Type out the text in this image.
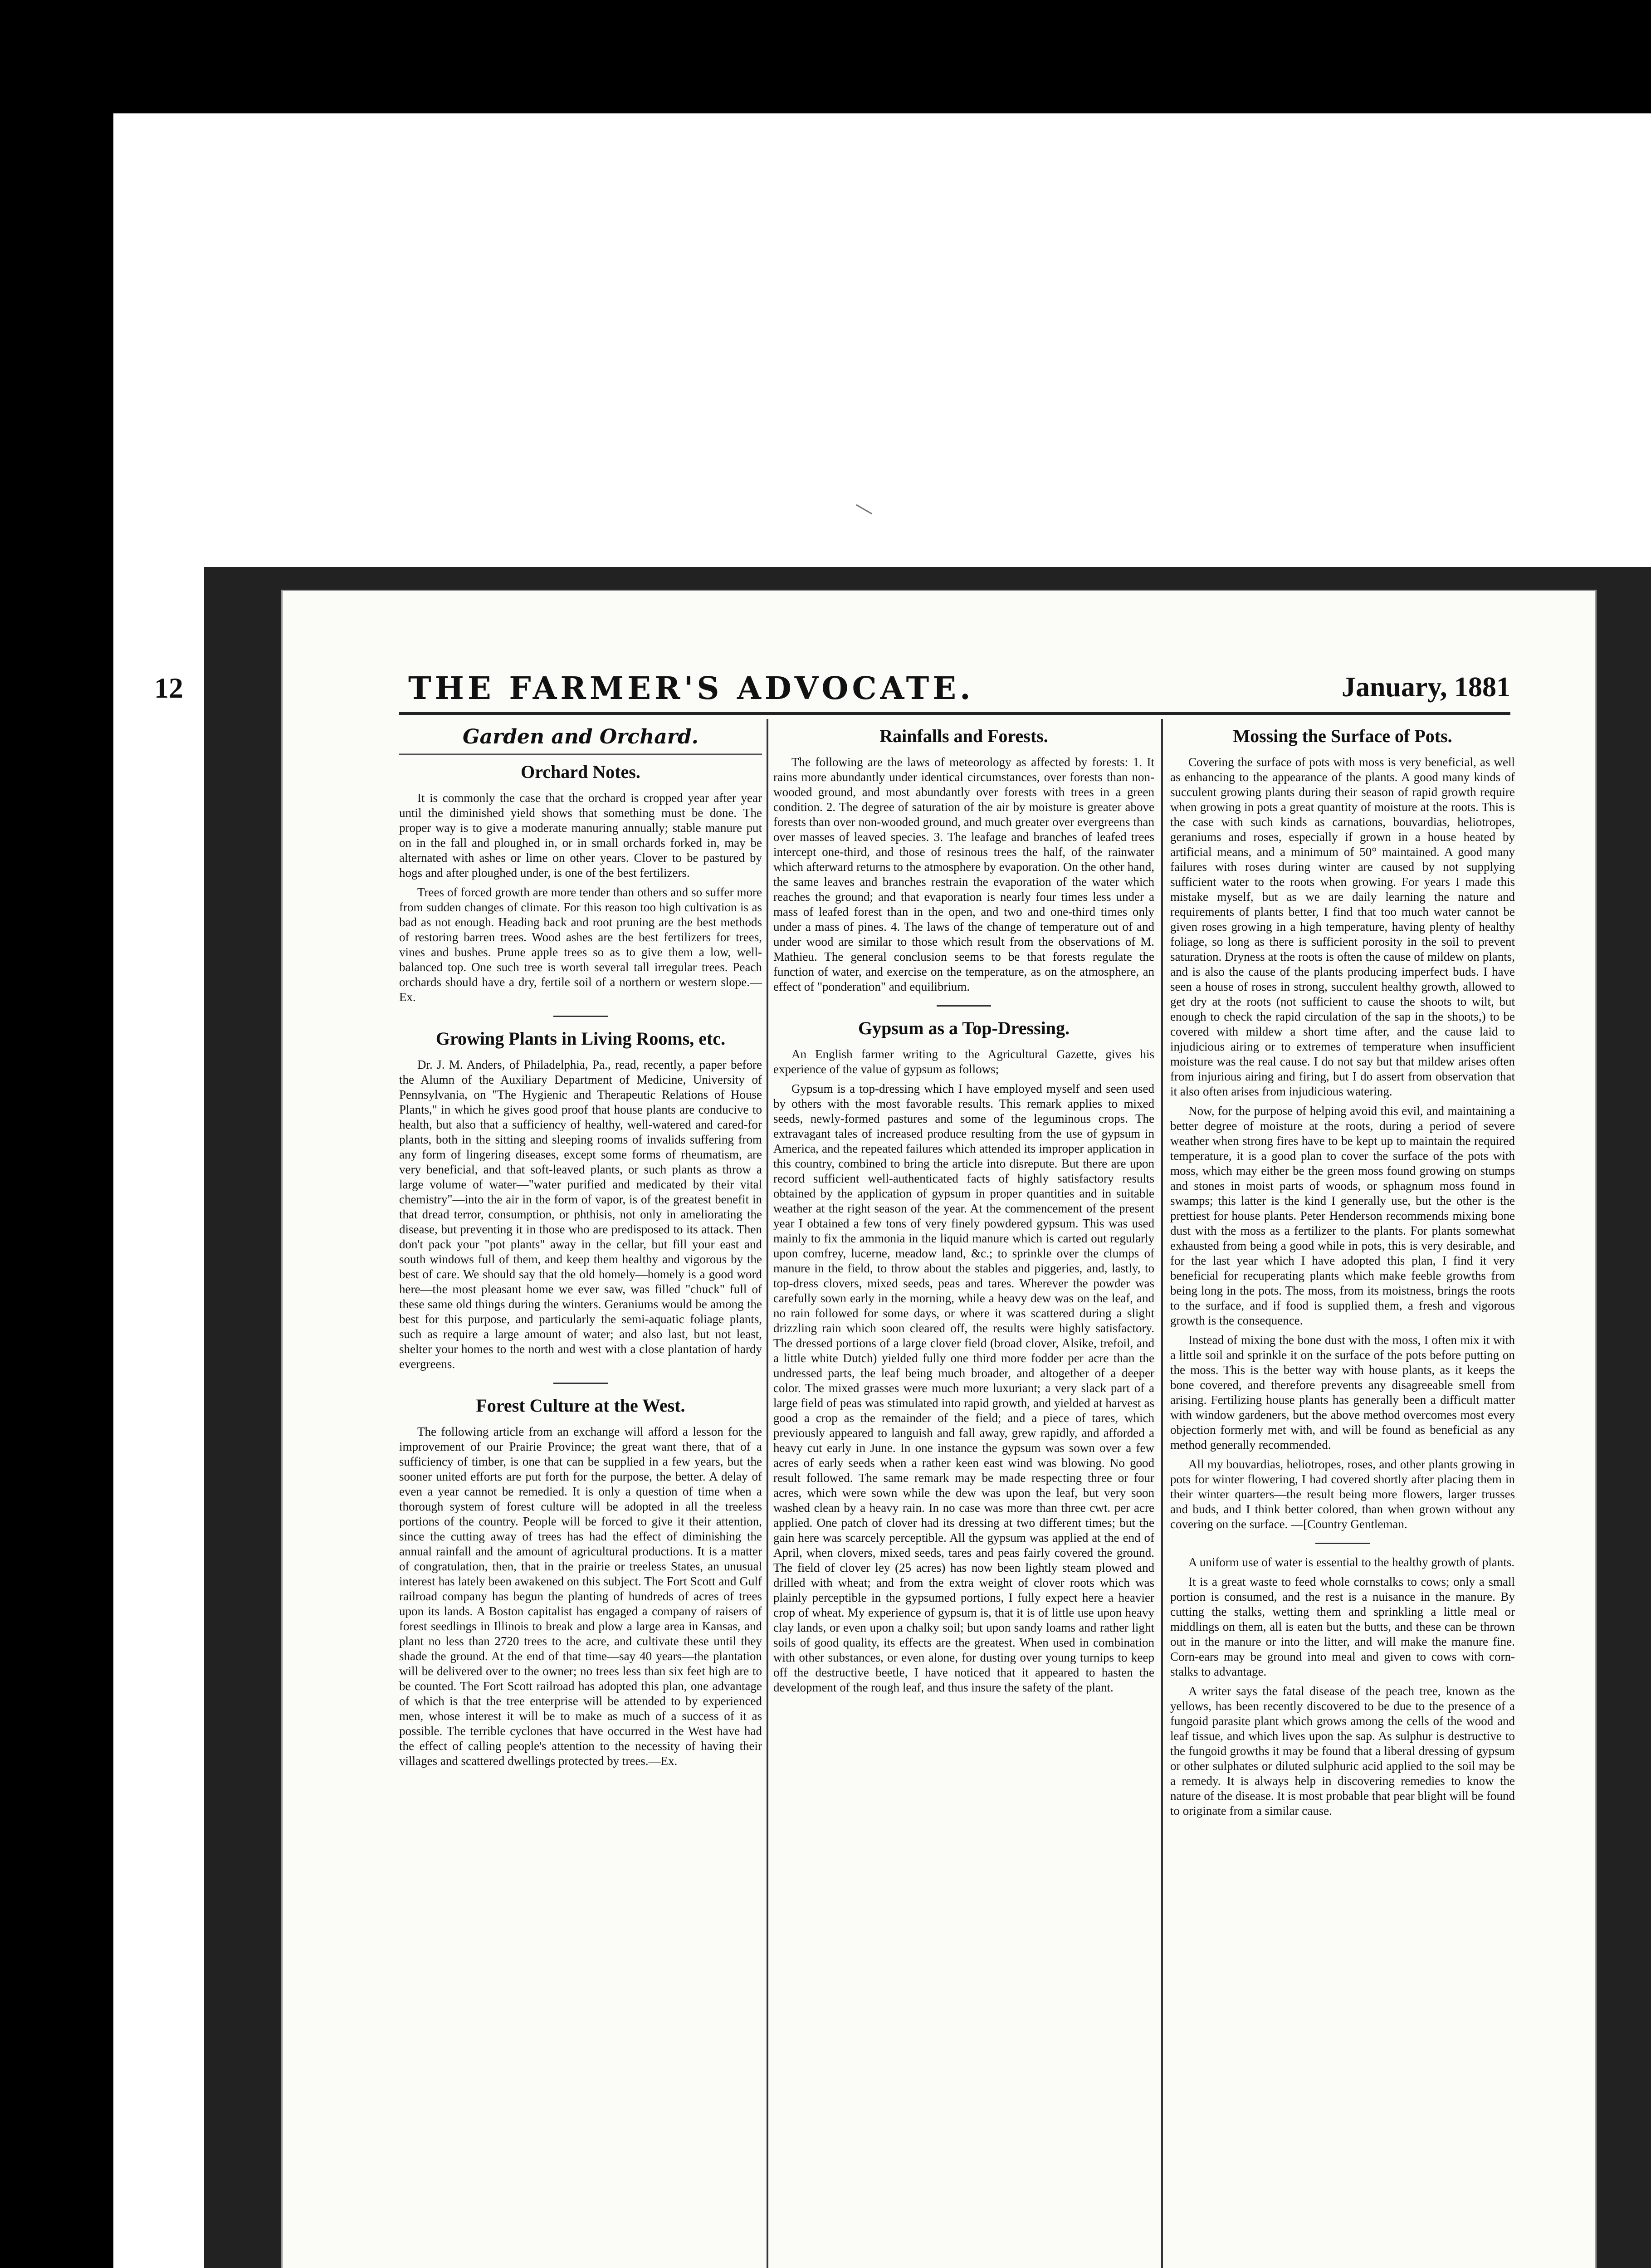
12	THE FARMER'S ADVOCATE.	January, 1881
Garden and Orchard.
Orchard Notes.

It is commonly the case that the orchard is cropped year after year until the diminished yield shows that something must be done. The proper way is to give a moderate manuring annually; stable manure put on in the fall and ploughed in, or in small orchards forked in, may be alternated with ashes or lime on other years. Clover to be pastured by hogs and after ploughed under, is one of the best fertilizers.

Trees of forced growth are more tender than others and so suffer more from sudden changes of climate. For this reason too high cultivation is as bad as not enough. Heading back and root pruning are the best methods of restoring barren trees. Wood ashes are the best fertilizers for trees, vines and bushes. Prune apple trees so as to give them a low, well-balanced top. One such tree is worth several tall irregular trees. Peach orchards should have a dry, fertile soil of a northern or western slope.—Ex.

Growing Plants in Living Rooms, etc.

Dr. J. M. Anders, of Philadelphia, Pa., read, recently, a paper before the Alumn of the Auxiliary Department of Medicine, University of Pennsylvania, on "The Hygienic and Therapeutic Relations of House Plants," in which he gives good proof that house plants are conducive to health, but also that a sufficiency of healthy, well-watered and cared-for plants, both in the sitting and sleeping rooms of invalids suffering from any form of lingering diseases, except some forms of rheumatism, are very beneficial, and that soft-leaved plants, or such plants as throw a large volume of water—"water purified and medicated by their vital chemistry"—into the air in the form of vapor, is of the greatest benefit in that dread terror, consumption, or phthisis, not only in ameliorating the disease, but preventing it in those who are predisposed to its attack. Then don't pack your "pot plants" away in the cellar, but fill your east and south windows full of them, and keep them healthy and vigorous by the best of care. We should say that the old homely—homely is a good word here—the most pleasant home we ever saw, was filled "chuck" full of these same old things during the winters. Geraniums would be among the best for this purpose, and particularly the semi-aquatic foliage plants, such as require a large amount of water; and also last, but not least, shelter your homes to the north and west with a close plantation of hardy evergreens.

Forest Culture at the West.

The following article from an exchange will afford a lesson for the improvement of our Prairie Province; the great want there, that of a sufficiency of timber, is one that can be supplied in a few years, but the sooner united efforts are put forth for the purpose, the better. A delay of even a year cannot be remedied. It is only a question of time when a thorough system of forest culture will be adopted in all the treeless portions of the country. People will be forced to give it their attention, since the cutting away of trees has had the effect of diminishing the annual rainfall and the amount of agricultural productions. It is a matter of congratulation, then, that in the prairie or treeless States, an unusual interest has lately been awakened on this subject. The Fort Scott and Gulf railroad company has begun the planting of hundreds of acres of trees upon its lands. A Boston capitalist has engaged a company of raisers of forest seedlings in Illinois to break and plow a large area in Kansas, and plant no less than 2720 trees to the acre, and cultivate these until they shade the ground. At the end of that time—say 40 years—the plantation will be delivered over to the owner; no trees less than six feet high are to be counted. The Fort Scott railroad has adopted this plan, one advantage of which is that the tree enterprise will be attended to by experienced men, whose interest it will be to make as much of a success of it as possible. The terrible cyclones that have occurred in the West have had the effect of calling people's attention to the necessity of having their villages and scattered dwellings protected by trees.—Ex.

Rainfalls and Forests.

The following are the laws of meteorology as affected by forests: 1. It rains more abundantly under identical circumstances, over forests than non-wooded ground, and most abundantly over forests with trees in a green condition. 2. The degree of saturation of the air by moisture is greater above forests than over non-wooded ground, and much greater over evergreens than over masses of leaved species. 3. The leafage and branches of leafed trees intercept one-third, and those of resinous trees the half, of the rainwater which afterward returns to the atmosphere by evaporation. On the other hand, the same leaves and branches restrain the evaporation of the water which reaches the ground; and that evaporation is nearly four times less under a mass of leafed forest than in the open, and two and one-third times only under a mass of pines. 4. The laws of the change of temperature out of and under wood are similar to those which result from the observations of M. Mathieu. The general conclusion seems to be that forests regulate the function of water, and exercise on the temperature, as on the atmosphere, an effect of "ponderation" and equilibrium.

Gypsum as a Top-Dressing.

An English farmer writing to the Agricultural Gazette, gives his experience of the value of gypsum as follows;

Gypsum is a top-dressing which I have employed myself and seen used by others with the most favorable results. This remark applies to mixed seeds, newly-formed pastures and some of the leguminous crops. The extravagant tales of increased produce resulting from the use of gypsum in America, and the repeated failures which attended its improper application in this country, combined to bring the article into disrepute. But there are upon record sufficient well-authenticated facts of highly satisfactory results obtained by the application of gypsum in proper quantities and in suitable weather at the right season of the year. At the commencement of the present year I obtained a few tons of very finely powdered gypsum. This was used mainly to fix the ammonia in the liquid manure which is carted out regularly upon comfrey, lucerne, meadow land, &c.; to sprinkle over the clumps of manure in the field, to throw about the stables and piggeries, and, lastly, to top-dress clovers, mixed seeds, peas and tares. Wherever the powder was carefully sown early in the morning, while a heavy dew was on the leaf, and no rain followed for some days, or where it was scattered during a slight drizzling rain which soon cleared off, the results were highly satisfactory. The dressed portions of a large clover field (broad clover, Alsike, trefoil, and a little white Dutch) yielded fully one third more fodder per acre than the undressed parts, the leaf being much broader, and altogether of a deeper color. The mixed grasses were much more luxuriant; a very slack part of a large field of peas was stimulated into rapid growth, and yielded at harvest as good a crop as the remainder of the field; and a piece of tares, which previously appeared to languish and fall away, grew rapidly, and afforded a heavy cut early in June. In one instance the gypsum was sown over a few acres of early seeds when a rather keen east wind was blowing. No good result followed. The same remark may be made respecting three or four acres, which were sown while the dew was upon the leaf, but very soon washed clean by a heavy rain. In no case was more than three cwt. per acre applied. One patch of clover had its dressing at two different times; but the gain here was scarcely perceptible. All the gypsum was applied at the end of April, when clovers, mixed seeds, tares and peas fairly covered the ground. The field of clover ley (25 acres) has now been lightly steam plowed and drilled with wheat; and from the extra weight of clover roots which was plainly perceptible in the gypsumed portions, I fully expect here a heavier crop of wheat. My experience of gypsum is, that it is of little use upon heavy clay lands, or even upon a chalky soil; but upon sandy loams and rather light soils of good quality, its effects are the greatest. When used in combination with other substances, or even alone, for dusting over young turnips to keep off the destructive beetle, I have noticed that it appeared to hasten the development of the rough leaf, and thus insure the safety of the plant.

Mossing the Surface of Pots.

Covering the surface of pots with moss is very beneficial, as well as enhancing to the appearance of the plants. A good many kinds of succulent growing plants during their season of rapid growth require when growing in pots a great quantity of moisture at the roots. This is the case with such kinds as carnations, bouvardias, heliotropes, geraniums and roses, especially if grown in a house heated by artificial means, and a minimum of 50° maintained. A good many failures with roses during winter are caused by not supplying sufficient water to the roots when growing. For years I made this mistake myself, but as we are daily learning the nature and requirements of plants better, I find that too much water cannot be given roses growing in a high temperature, having plenty of healthy foliage, so long as there is sufficient porosity in the soil to prevent saturation. Dryness at the roots is often the cause of mildew on plants, and is also the cause of the plants producing imperfect buds. I have seen a house of roses in strong, succulent healthy growth, allowed to get dry at the roots (not sufficient to cause the shoots to wilt, but enough to check the rapid circulation of the sap in the shoots,) to be covered with mildew a short time after, and the cause laid to injudicious airing or to extremes of temperature when insufficient moisture was the real cause. I do not say but that mildew arises often from injurious airing and firing, but I do assert from observation that it also often arises from injudicious watering.

Now, for the purpose of helping avoid this evil, and maintaining a better degree of moisture at the roots, during a period of severe weather when strong fires have to be kept up to maintain the required temperature, it is a good plan to cover the surface of the pots with moss, which may either be the green moss found growing on stumps and stones in moist parts of woods, or sphagnum moss found in swamps; this latter is the kind I generally use, but the other is the prettiest for house plants. Peter Henderson recommends mixing bone dust with the moss as a fertilizer to the plants. For plants somewhat exhausted from being a good while in pots, this is very desirable, and for the last year which I have adopted this plan, I find it very beneficial for recuperating plants which make feeble growths from being long in the pots. The moss, from its moistness, brings the roots to the surface, and if food is supplied them, a fresh and vigorous growth is the consequence.

Instead of mixing the bone dust with the moss, I often mix it with a little soil and sprinkle it on the surface of the pots before putting on the moss. This is the better way with house plants, as it keeps the bone covered, and therefore prevents any disagreeable smell from arising. Fertilizing house plants has generally been a difficult matter with window gardeners, but the above method overcomes most every objection formerly met with, and will be found as beneficial as any method generally recommended.

All my bouvardias, heliotropes, roses, and other plants growing in pots for winter flowering, I had covered shortly after placing them in their winter quarters—the result being more flowers, larger trusses and buds, and I think better colored, than when grown without any covering on the surface. —[Country Gentleman.

A uniform use of water is essential to the healthy growth of plants.

It is a great waste to feed whole cornstalks to cows; only a small portion is consumed, and the rest is a nuisance in the manure. By cutting the stalks, wetting them and sprinkling a little meal or middlings on them, all is eaten but the butts, and these can be thrown out in the manure or into the litter, and will make the manure fine. Corn-ears may be ground into meal and given to cows with corn-stalks to advantage.

A writer says the fatal disease of the peach tree, known as the yellows, has been recently discovered to be due to the presence of a fungoid parasite plant which grows among the cells of the wood and leaf tissue, and which lives upon the sap. As sulphur is destructive to the fungoid growths it may be found that a liberal dressing of gypsum or other sulphates or diluted sulphuric acid applied to the soil may be a remedy. It is always help in discovering remedies to know the nature of the disease. It is most probable that pear blight will be found to originate from a similar cause.
